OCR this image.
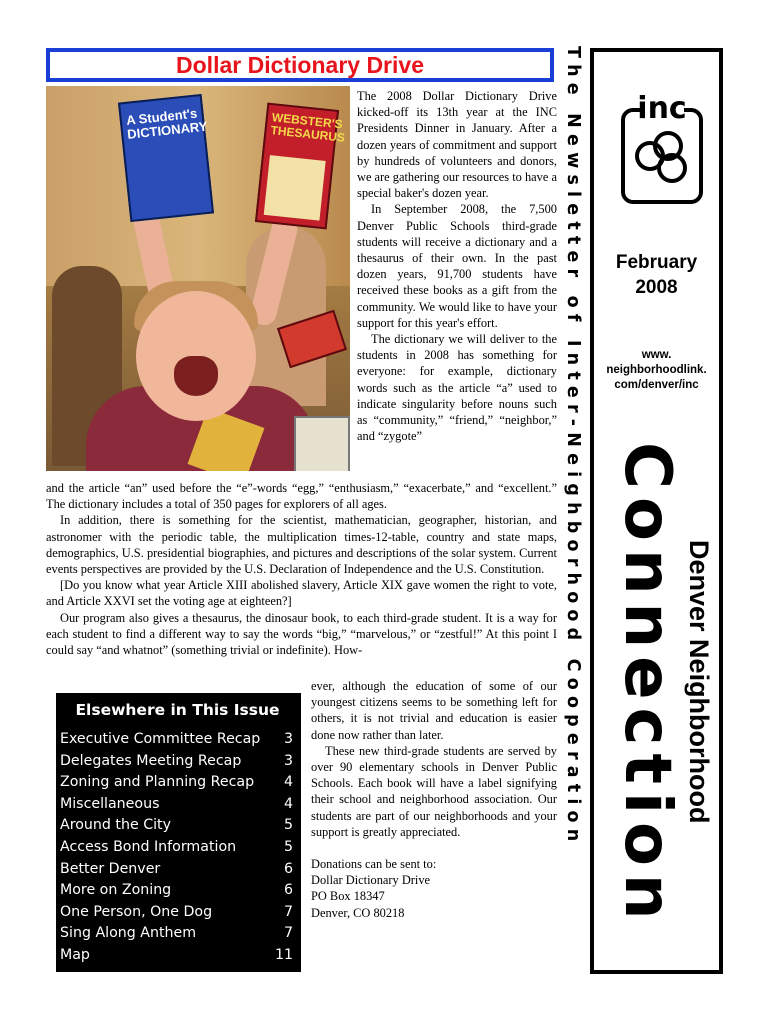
Dollar Dictionary Drive
A Student's DICTIONARY	WEBSTER'S THESAURUS

The 2008 Dollar Dictionary Drive kicked-off its 13th year at the INC Presidents Dinner in January. After a dozen years of commitment and support by hundreds of volunteers and donors, we are gathering our resources to have a special baker's dozen year.

In September 2008, the 7,500 Denver Public Schools third-grade students will receive a dictionary and a thesaurus of their own. In the past dozen years, 91,700 students have received these books as a gift from the community. We would like to have your support for this year's effort.

The dictionary we will deliver to the students in 2008 has something for everyone: for example, dictionary words such as the article “a” used to indicate singularity before nouns such as “community,” “friend,” “neighbor,” and “zygote”

and the article “an” used before the “e”-words “egg,” “enthusiasm,” “exacerbate,” and “excellent.” The dictionary includes a total of 350 pages for explorers of all ages.

In addition, there is something for the scientist, mathematician, geographer, historian, and astronomer with the periodic table, the multiplication times-12-table, country and state maps, demographics, U.S. presidential biographies, and pictures and descriptions of the solar system. Current events perspectives are provided by the U.S. Declaration of Independence and the U.S. Constitution.

[Do you know what year Article XIII abolished slavery, Article XIX gave women the right to vote, and Article XXVI set the voting age at eighteen?]

Our program also gives a thesaurus, the dinosaur book, to each third-grade student. It is a way for each student to find a different way to say the words “big,” “marvelous,” or “zestful!” At this point I could say “and whatnot” (something trivial or indefinite). How-

ever, although the education of some of our youngest citizens seems to be something left for others, it is not trivial and education is easier done now rather than later.

These new third-grade students are served by over 90 elementary schools in Denver Public Schools. Each book will have a label signifying their school and neighborhood association. Our students are part of our neighborhoods and your support is greatly appreciated.

Donations can be sent to:
Dollar Dictionary Drive
PO Box 18347
Denver, CO 80218
Elsewhere in This Issue
Executive Committee Recap 3
Delegates Meeting Recap	3
Zoning and Planning Recap 4
Miscellaneous	4
Around the City	5
Access Bond Information	5
Better Denver	6
More on Zoning	6
One Person, One Dog	7
Sing Along Anthem	7
Map	11
The Newsletter of Inter-Neighborhood Cooperation inc
February
2008
www.
neighborhoodlink.
com/denver/inc
Connection Denver Neighborhood
